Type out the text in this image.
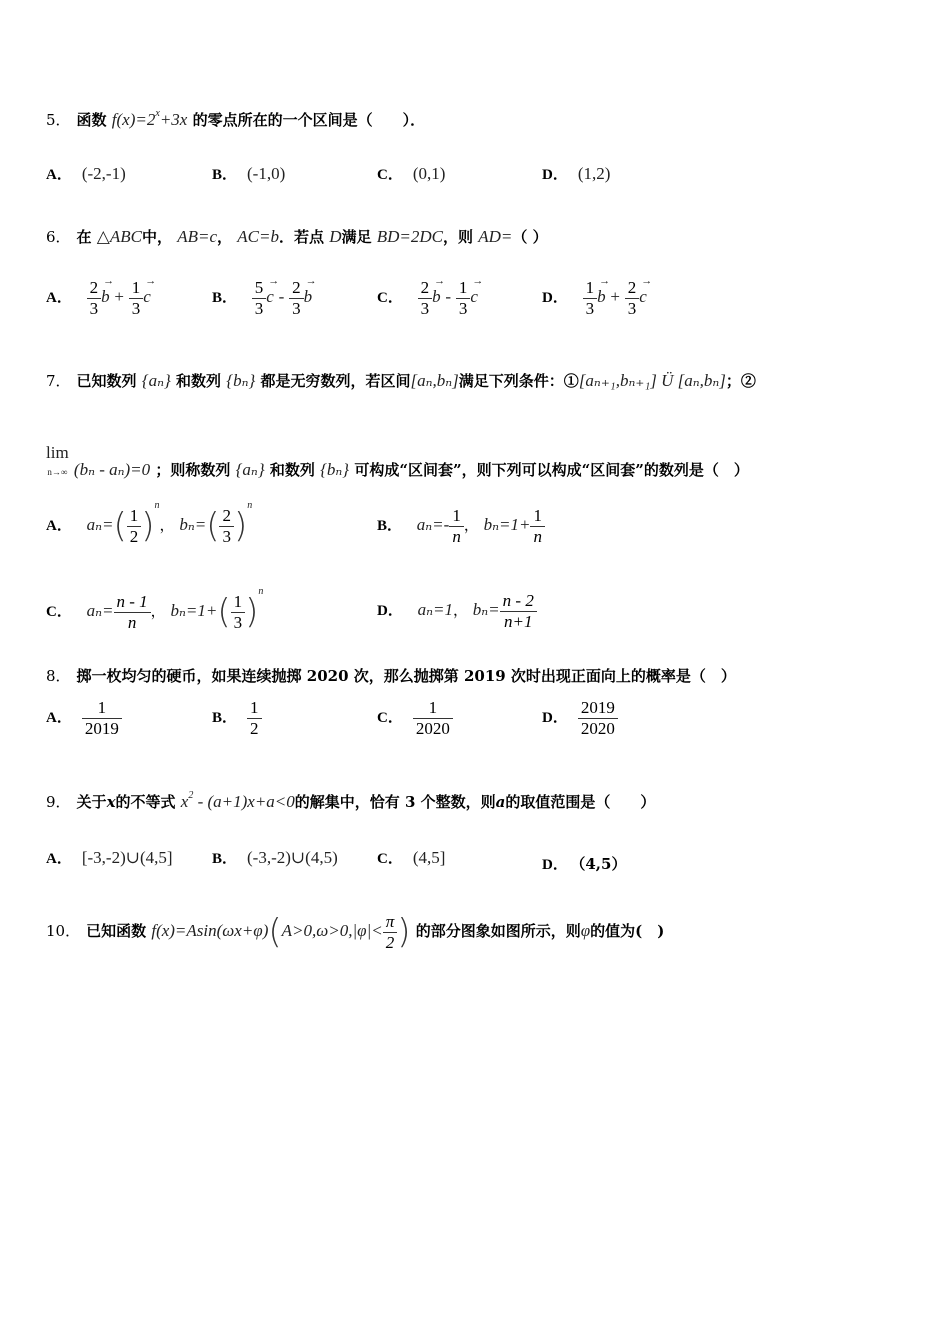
5． 函数 $f(x)=2^x+3x$ 的零点所在的一个区间是（　　）．
A． (-2,-1)	B． (-1,0)	C． (0,1)	D． (1,2)
6． 在 △ABC中， AB=c， AC=b．若点 D满足 BD=2DC，则 AD=（ ）
A． $\frac{2}{3}$
→ $b + \frac{1}{3}$
→ c	B． $\frac{5}{3}$
→ c - $\frac{2}{3}$
→ b	C． $\frac{2}{3}$
→ b - $\frac{1}{3}$
→ c	D． $\frac{1}{3}$
→ $b + \frac{2}{3}$
→ c
7． 已知数列 {aₙ} 和数列 {bₙ} 都是无穷数列，若区间[aₙ,bₙ]满足下列条件：①[aₙ₊₁,bₙ₊₁] Ü [aₙ,bₙ]；②
lim
n→∞ (bₙ - aₙ)=0 ；则称数列 {aₙ} 和数列 {bₙ} 可构成“区间套”，则下列可以构成“区间套”的数列是（　）
A． $a_n=( \frac{1}{2} )^n$， $b_n=( \frac{2}{3} )^n$
B． $a_n=- \frac{1}{n}$ ， $b_n=1+ \frac{1}{n}$
C． $a_n= \frac{n - 1}{n}$ ， $b_n=1+( \frac{1}{3} )^n$
D． aₙ=1， $b_n= \frac{n - 2}{n+1}$
8． 掷一枚均匀的硬币，如果连续抛掷 2020 次，那么抛掷第 2019 次时出现正面向上的概率是（　）
A． $\frac{1}{2019}$	B． $\frac{1}{2}$	C． $\frac{1}{2020}$	D． $\frac{2019}{2020}$
9． 关于x的不等式 $x^2 - (a+1)x+a<0$的解集中，恰有 3 个整数，则a的取值范围是（　　）
A． [-3,-2)∪(4,5]	B． (-3,-2)∪(4,5)	C． (4,5]	D． （4,5）
10． 已知函数 $f(x)=Asin(\omega x+\varphi)(A>0,\omega>0,|\varphi|< \frac{\pi}{2}$ ) 的部分图象如图所示，则φ的值为(　)
